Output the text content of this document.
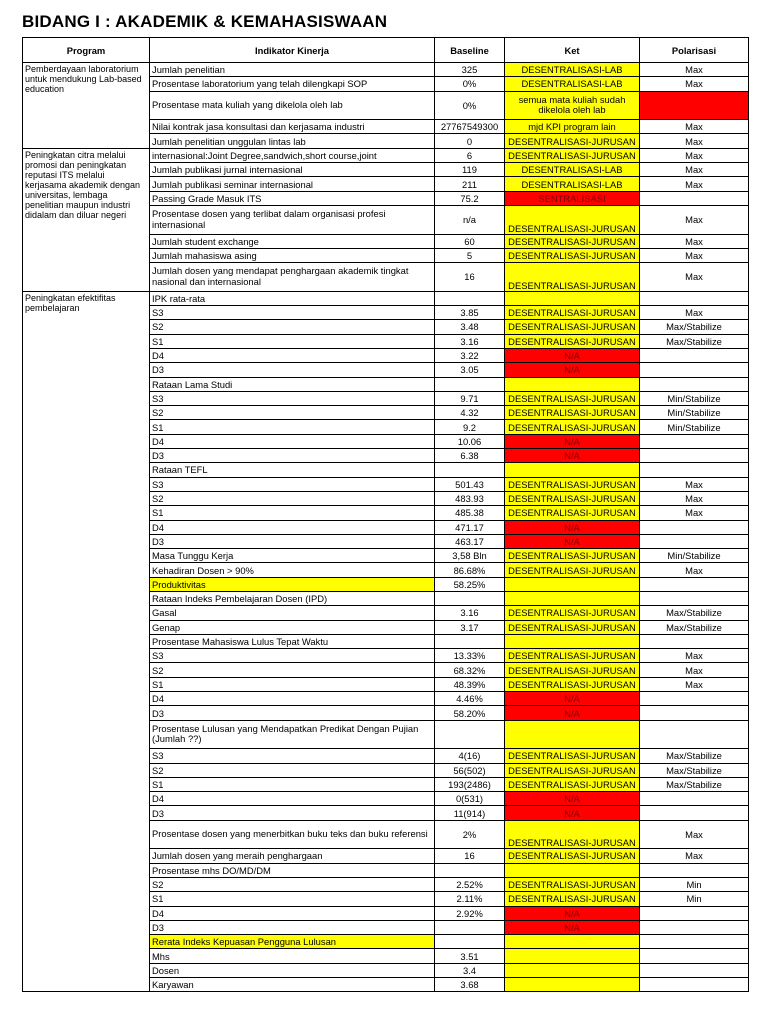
BIDANG I : AKADEMIK & KEMAHASISWAAN
Program	Indikator Kinerja	Baseline	Ket	Polarisasi
Pemberdayaan laboratorium untuk mendukung Lab-based education	Jumlah penelitian	325	DESENTRALISASI-LAB	Max
	Prosentase laboratorium yang telah dilengkapi SOP	0%	DESENTRALISASI-LAB	Max
	Prosentase mata kuliah yang dikelola oleh lab	0%	semua mata kuliah sudah dikelola oleh lab	
	Nilai kontrak jasa konsultasi dan kerjasama industri	27767549300	mjd KPI program lain	Max
	Jumlah penelitian unggulan lintas lab	0	DESENTRALISASI-JURUSAN	Max
Peningkatan citra melalui promosi dan peningkatan reputasi ITS melalui kerjasama akademik dengan universitas, lembaga penelitian maupun industri didalam dan diluar negeri	internasional:Joint Degree,sandwich,short course,joint	6	DESENTRALISASI-JURUSAN	Max
	Jumlah publikasi jurnal internasional	119	DESENTRALISASI-LAB	Max
	Jumlah publikasi seminar internasional	211	DESENTRALISASI-LAB	Max
	Passing Grade Masuk ITS	75.2	SENTRALISASI	
	Prosentase dosen yang terlibat dalam organisasi profesi internasional	n/a	DESENTRALISASI-JURUSAN	Max
	Jumlah student exchange	60	DESENTRALISASI-JURUSAN	Max
	Jumlah mahasiswa asing	5	DESENTRALISASI-JURUSAN	Max
	Jumlah dosen yang mendapat penghargaan akademik tingkat nasional dan internasional	16	DESENTRALISASI-JURUSAN	Max
Peningkatan efektifitas pembelajaran	IPK rata-rata			
	S3	3.85	DESENTRALISASI-JURUSAN	Max
	S2	3.48	DESENTRALISASI-JURUSAN	Max/Stabilize
	S1	3.16	DESENTRALISASI-JURUSAN	Max/Stabilize
	D4	3.22	N/A	
	D3	3.05	N/A	
	Rataan Lama Studi			
	S3	9.71	DESENTRALISASI-JURUSAN	Min/Stabilize
	S2	4.32	DESENTRALISASI-JURUSAN	Min/Stabilize
	S1	9.2	DESENTRALISASI-JURUSAN	Min/Stabilize
	D4	10.06	N/A	
	D3	6.38	N/A	
	Rataan TEFL			
	S3	501.43	DESENTRALISASI-JURUSAN	Max
	S2	483.93	DESENTRALISASI-JURUSAN	Max
	S1	485.38	DESENTRALISASI-JURUSAN	Max
	D4	471.17	N/A	
	D3	463.17	N/A	
	Masa Tunggu Kerja	3,58 Bln	DESENTRALISASI-JURUSAN	Min/Stabilize
	Kehadiran Dosen > 90%	86.68%	DESENTRALISASI-JURUSAN	Max
	Produktivitas	58.25%		
	Rataan Indeks Pembelajaran Dosen (IPD)			
	Gasal	3.16	DESENTRALISASI-JURUSAN	Max/Stabilize
	Genap	3.17	DESENTRALISASI-JURUSAN	Max/Stabilize
	Prosentase Mahasiswa Lulus Tepat Waktu			
	S3	13.33%	DESENTRALISASI-JURUSAN	Max
	S2	68.32%	DESENTRALISASI-JURUSAN	Max
	S1	48.39%	DESENTRALISASI-JURUSAN	Max
	D4	4.46%	N/A	
	D3	58.20%	N/A	
	Prosentase Lulusan yang Mendapatkan Predikat Dengan Pujian (Jumlah ??)			
	S3	4(16)	DESENTRALISASI-JURUSAN	Max/Stabilize
	S2	56(502)	DESENTRALISASI-JURUSAN	Max/Stabilize
	S1	193(2486)	DESENTRALISASI-JURUSAN	Max/Stabilize
	D4	0(531)	N/A	
	D3	11(914)	N/A	
	Prosentase dosen yang menerbitkan buku teks dan buku referensi	2%	DESENTRALISASI-JURUSAN	Max
	Jumlah dosen yang meraih penghargaan	16	DESENTRALISASI-JURUSAN	Max
	Prosentase mhs DO/MD/DM			
	S2	2.52%	DESENTRALISASI-JURUSAN	Min
	S1	2.11%	DESENTRALISASI-JURUSAN	Min
	D4	2.92%	N/A	
	D3		N/A	
	Rerata Indeks Kepuasan Pengguna Lulusan			
	Mhs	3.51		
	Dosen	3.4		
	Karyawan	3.68		
